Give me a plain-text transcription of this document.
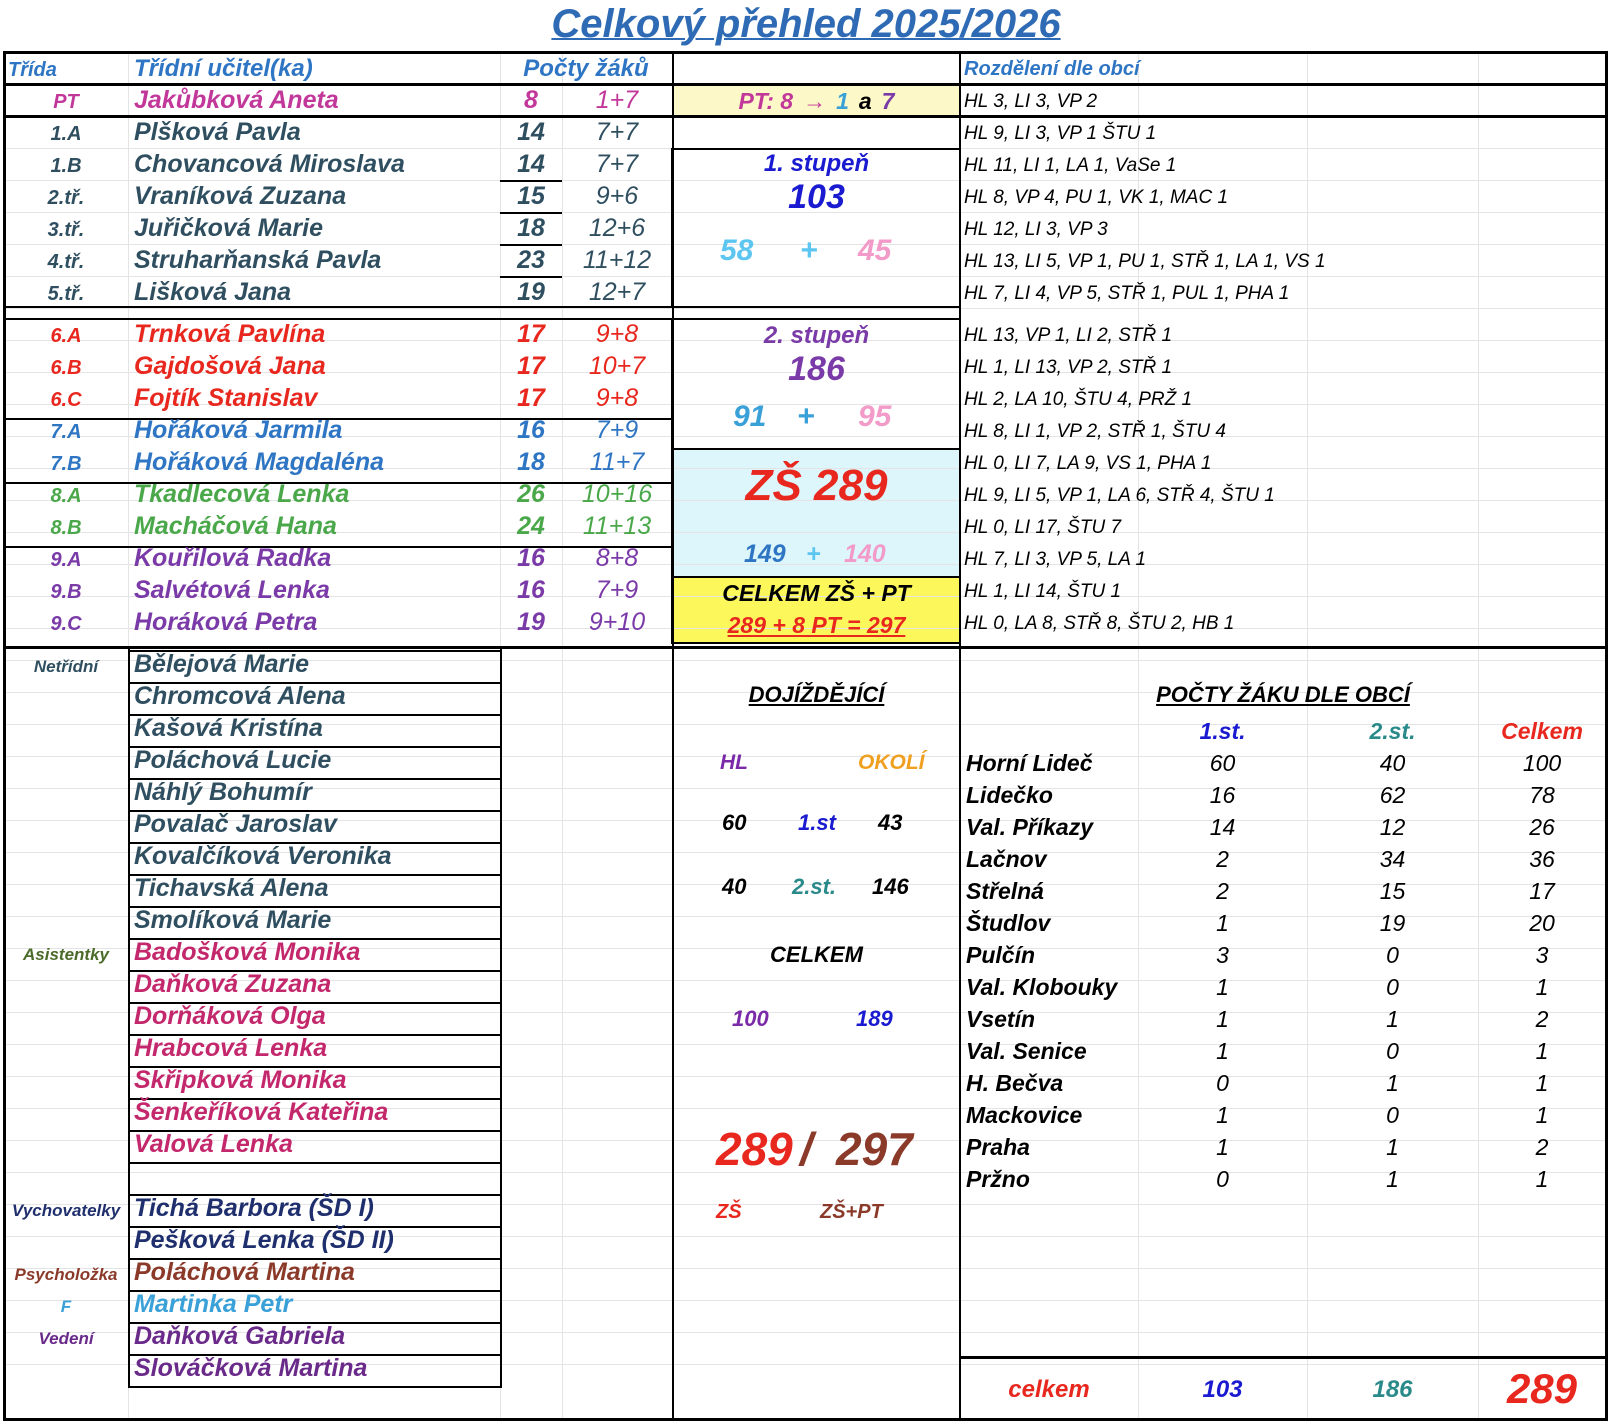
Celkový přehled 2025/2026
Třída	Třídní učitel(ka)	Počty žáků	Rozdělení dle obcí
PT	Jakůbková Aneta	8	1+7	HL 3, LI 3, VP 2
1.A	Plšková Pavla	14	7+7	HL 9, LI 3, VP 1 ŠTU 1
1.B	Chovancová Miroslava	14	7+7	HL 11, LI 1, LA 1, VaSe 1
2.tř.	Vraníková Zuzana	15	9+6	HL 8, VP 4, PU 1, VK 1, MAC 1
3.tř.	Juřičková Marie	18	12+6	HL 12, LI 3, VP 3
4.tř.	Struharňanská Pavla	23	11+12	HL 13, LI 5, VP 1, PU 1, STŘ 1, LA 1, VS 1
5.tř.	Lišková Jana	19	12+7	HL 7, LI 4, VP 5, STŘ 1, PUL 1, PHA 1
6.A	Trnková Pavlína	17	9+8	HL 13, VP 1, LI 2, STŘ 1
6.B	Gajdošová Jana	17	10+7	HL 1, LI 13, VP 2, STŘ 1
6.C	Fojtík Stanislav	17	9+8	HL 2, LA 10, ŠTU 4, PRŽ 1
7.A	Hořáková Jarmila	16	7+9	HL 8, LI 1, VP 2, STŘ 1, ŠTU 4
7.B	Hořáková Magdaléna	18	11+7	HL 0, LI 7, LA 9, VS 1, PHA 1
8.A	Tkadlecová Lenka	26	10+16	HL 9, LI 5, VP 1, LA 6, STŘ 4, ŠTU 1
8.B	Macháčová Hana	24	11+13	HL 0, LI 17, ŠTU 7
9.A	Kouřilová Radka	16	8+8	HL 7, LI 3, VP 5, LA 1
9.B	Salvétová Lenka	16	7+9	HL 1, LI 14, ŠTU 1
9.C	Horáková Petra	19	9+10	HL 0, LA 8, STŘ 8, ŠTU 2, HB 1
PT: 8 → 1 a 7
1. stupeň
103
58 + 45
2. stupeň
186
91 + 95
ZŠ 289
149 + 140
CELKEM ZŠ + PT
289 + 8 PT = 297
Netřídní	Bělejová Marie
Chromcová Alena
Kašová Kristína
Poláchová Lucie
Náhlý Bohumír
Povalač Jaroslav
Kovalčíková Veronika
Tichavská Alena
Smolíková Marie
Asistentky	Badošková Monika
Daňková Zuzana
Dorňáková Olga
Hrabcová Lenka
Skřipková Monika
Šenkeříková Kateřina
Valová Lenka
Vychovatelky Tichá Barbora (ŠD I)
Pešková Lenka (ŠD II)
Psycholožka Poláchová Martina
F	Martinka Petr
Vedení	Daňková Gabriela
Slováčková Martina
DOJÍŽDĚJÍCÍ
HL	OKOLÍ
60 1.st 43
40 2.st. 146
CELKEM
100	189
289 / 297
ZŠ	ZŠ+PT
POČTY ŽÁKU DLE OBCÍ
1.st.	2.st.	Celkem
Horní Lideč	60	40	100
Lidečko	16	62	78
Val. Příkazy	14	12	26
Lačnov	2	34	36
Střelná	2	15	17
Študlov	1	19	20
Pulčín	3	0	3
Val. Klobouky	1	0	1
Vsetín	1	1	2
Val. Senice	1	0	1
H. Bečva	0	1	1
Mackovice	1	0	1
Praha	1	1	2
Pržno	0	1	1
celkem	103	186	289
